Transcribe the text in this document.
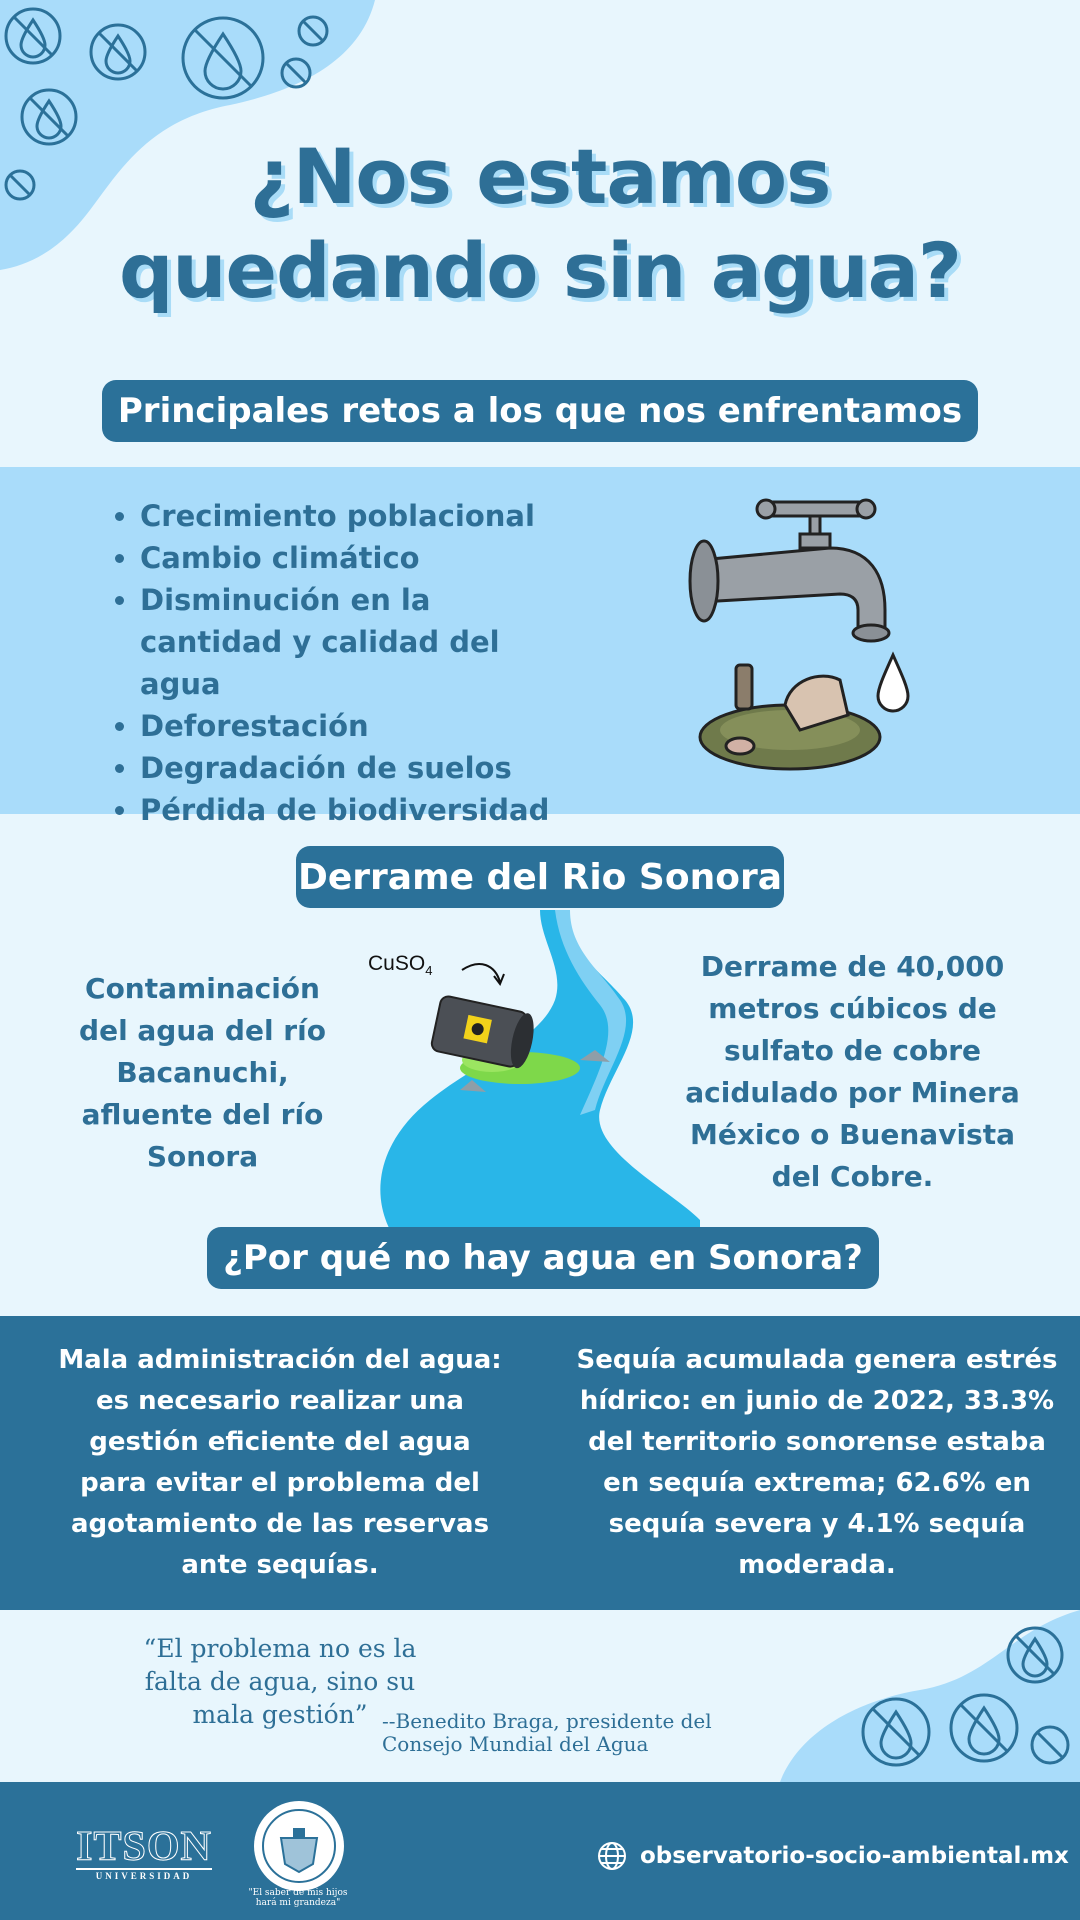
¿Nos estamos
quedando sin agua?
Principales retos a los que nos enfrentamos
• Crecimiento poblacional
• Cambio climático
• Disminución en la cantidad y calidad del agua
• Deforestación
• Degradación de suelos
• Pérdida de biodiversidad
Derrame del Rio Sonora
CuSO$_4$
Contaminación del agua del río Bacanuchi, afluente del río Sonora
Derrame de 40,000 metros cúbicos de sulfato de cobre acidulado por Minera México o Buenavista del Cobre.
¿Por qué no hay agua en Sonora?
Mala administración del agua: es necesario realizar una gestión eficiente del agua para evitar el problema del agotamiento de las reservas ante sequías.
Sequía acumulada genera estrés hídrico: en junio de 2022, 33.3% del territorio sonorense estaba en sequía extrema; 62.6% en sequía severa y 4.1% sequía moderada.
“El problema no es la falta de agua, sino su mala gestión” --Benedito Braga, presidente del Consejo Mundial del Agua
ITSON
UNIVERSIDAD
"El saber de mis hijos hará mi grandeza"
observatorio-socio-ambiental.mx
